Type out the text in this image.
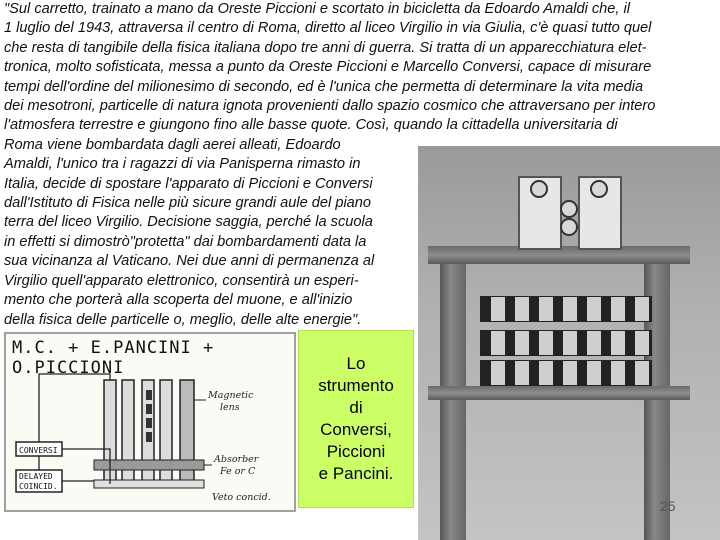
"Sul carretto, trainato a mano da Oreste Piccioni e scortato in bicicletta da Edoardo Amaldi che, il
1 luglio del 1943, attraversa il centro di Roma, diretto al liceo Virgilio in via Giulia, c'è quasi tutto quel
che resta di tangibile della fisica italiana dopo tre anni di guerra. Si tratta di un apparecchiatura elet-
tronica, molto sofisticata, messa a punto da Oreste Piccioni e Marcello Conversi, capace di misurare
tempi dell'ordine del milionesimo di secondo, ed è l'unica che permetta di determinare la vita media
dei mesotroni, particelle di natura ignota provenienti dallo spazio cosmico che attraversano per intero
l'atmosfera terrestre e giungono fino alle basse quote. Così, quando la cittadella universitaria di
Roma viene bombardata dagli aerei alleati, Edoardo
Amaldi, l'unico tra i ragazzi di via Panisperna rimasto in
Italia, decide di spostare l'apparato di Piccioni e Conversi
dall'Istituto di Fisica nelle più sicure grandi aule del piano
terra del liceo Virgilio. Decisione saggia, perché la scuola
in effetti si dimostrò"protetta" dai bombardamenti data la
sua vicinanza al Vaticano. Nei due anni di permanenza al
Virgilio quell'apparato elettronico, consentirà un esperi-
mento che porterà alla scoperta del muone, e all'inizio
della fisica delle particelle o, meglio, delle alte energie".
25
Lo
strumento
di
Conversi,
Piccioni
e Pancini.

M.C. + E.PANCINI + O.PICCIONI

CONVERSI
DELAYED
COINCID.
Magnetic
lens
Absorber
Fe or C
Veto concid.
